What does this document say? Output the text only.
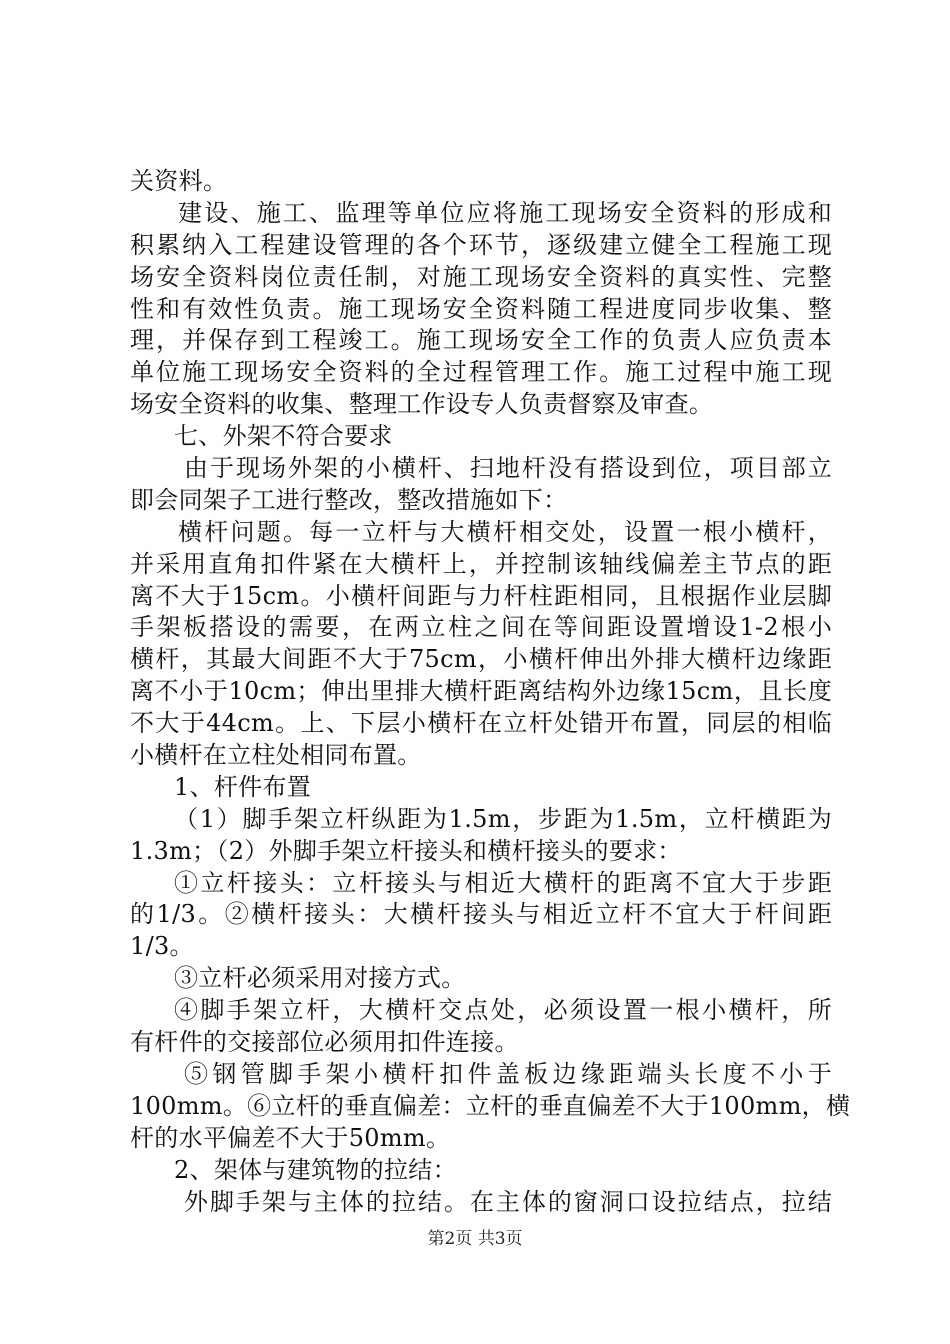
关资料。
建设、施工、监理等单位应将施工现场安全资料的形成和
积累纳入工程建设管理的各个环节，逐级建立健全工程施工现
场安全资料岗位责任制，对施工现场安全资料的真实性、完整
性和有效性负责。施工现场安全资料随工程进度同步收集、整
理，并保存到工程竣工。施工现场安全工作的负责人应负责本
单位施工现场安全资料的全过程管理工作。施工过程中施工现
场安全资料的收集、整理工作设专人负责督察及审查。
七、外架不符合要求
由于现场外架的小横杆、扫地杆没有搭设到位，项目部立
即会同架子工进行整改，整改措施如下：
横杆问题。每一立杆与大横杆相交处，设置一根小横杆，
并采用直角扣件紧在大横杆上，并控制该轴线偏差主节点的距
离不大于15cm。小横杆间距与力杆柱距相同，且根据作业层脚
手架板搭设的需要，在两立柱之间在等间距设置增设1-2根小
横杆，其最大间距不大于75cm，小横杆伸出外排大横杆边缘距
离不小于10cm；伸出里排大横杆距离结构外边缘15cm，且长度
不大于44cm。上、下层小横杆在立杆处错开布置，同层的相临
小横杆在立柱处相同布置。
1、杆件布置
（1）脚手架立杆纵距为1.5m，步距为1.5m，立杆横距为
1.3m；（2）外脚手架立杆接头和横杆接头的要求：
①立杆接头：立杆接头与相近大横杆的距离不宜大于步距
的1/3。②横杆接头：大横杆接头与相近立杆不宜大于杆间距
1/3。
③立杆必须采用对接方式。
④脚手架立杆，大横杆交点处，必须设置一根小横杆，所
有杆件的交接部位必须用扣件连接。
⑤钢管脚手架小横杆扣件盖板边缘距端头长度不小于
100mm。⑥立杆的垂直偏差：立杆的垂直偏差不大于100mm，横
杆的水平偏差不大于50mm。
2、架体与建筑物的拉结：
外脚手架与主体的拉结。在主体的窗洞口设拉结点，拉结
第2页 共3页
